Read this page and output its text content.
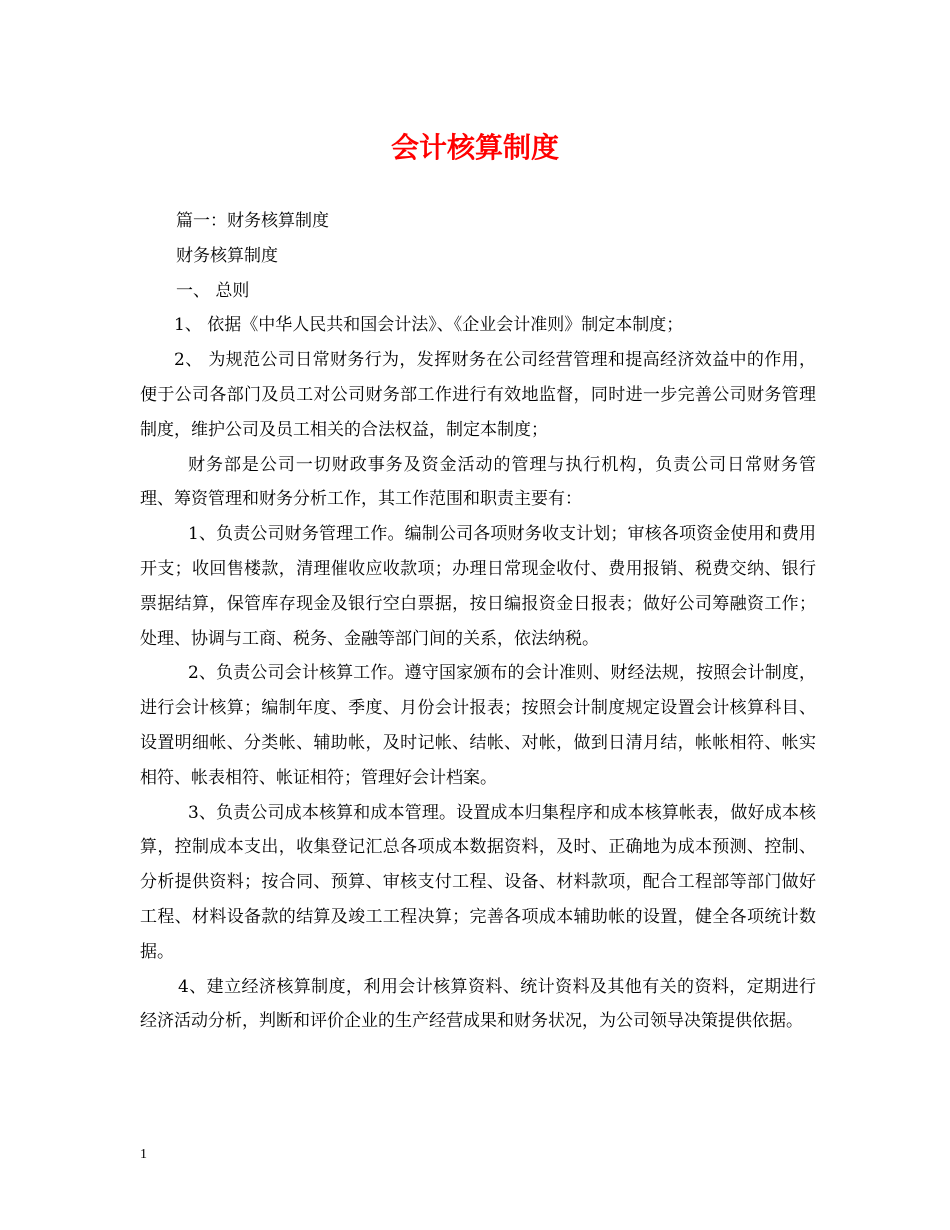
会计核算制度
篇一：财务核算制度
财务核算制度
一、 总则

1、 依据《中华人民共和国会计法》、《企业会计准则》制定本制度；

2、 为规范公司日常财务行为，发挥财务在公司经营管理和提高经济效益中的作用，便于公司各部门及员工对公司财务部工作进行有效地监督，同时进一步完善公司财务管理制度，维护公司及员工相关的合法权益，制定本制度；

财务部是公司一切财政事务及资金活动的管理与执行机构，负责公司日常财务管理、筹资管理和财务分析工作，其工作范围和职责主要有：

1、负责公司财务管理工作。编制公司各项财务收支计划；审核各项资金使用和费用开支；收回售楼款，清理催收应收款项；办理日常现金收付、费用报销、税费交纳、银行票据结算，保管库存现金及银行空白票据，按日编报资金日报表；做好公司筹融资工作；处理、协调与工商、税务、金融等部门间的关系，依法纳税。

2、负责公司会计核算工作。遵守国家颁布的会计准则、财经法规，按照会计制度，进行会计核算；编制年度、季度、月份会计报表；按照会计制度规定设置会计核算科目、设置明细帐、分类帐、辅助帐，及时记帐、结帐、对帐，做到日清月结，帐帐相符、帐实相符、帐表相符、帐证相符；管理好会计档案。

3、负责公司成本核算和成本管理。设置成本归集程序和成本核算帐表，做好成本核算，控制成本支出，收集登记汇总各项成本数据资料，及时、正确地为成本预测、控制、分析提供资料；按合同、预算、审核支付工程、设备、材料款项，配合工程部等部门做好工程、材料设备款的结算及竣工工程决算；完善各项成本辅助帐的设置，健全各项统计数据。

4、建立经济核算制度，利用会计核算资料、统计资料及其他有关的资料，定期进行经济活动分析，判断和评价企业的生产经营成果和财务状况，为公司领导决策提供依据。

1
